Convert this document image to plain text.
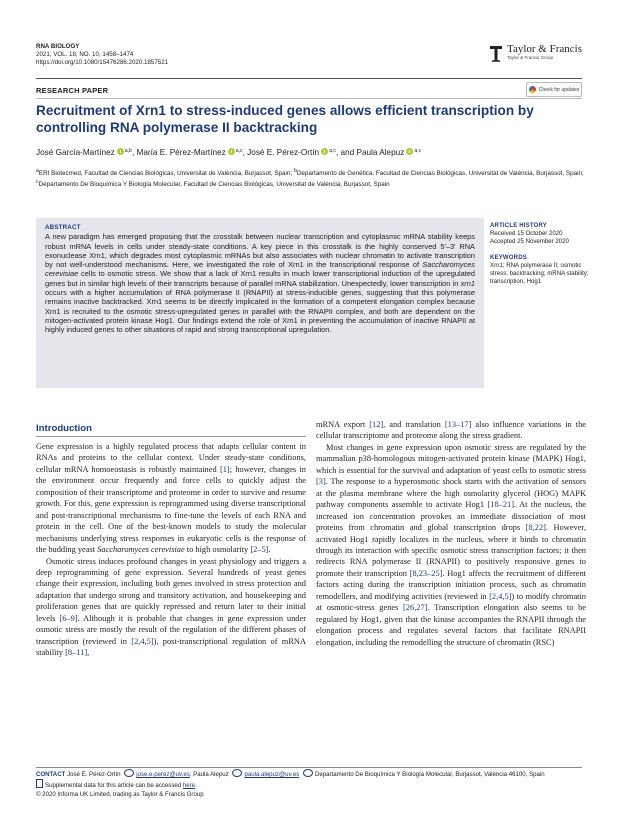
RNA BIOLOGY
2021, VOL. 18, NO. 10, 1458–1474
https://doi.org/10.1080/15476286.2020.1857521
Taylor & Francis
Taylor & Francis Group
RESEARCH PAPER	Check for updates
Recruitment of Xrn1 to stress-induced genes allows efficient transcription by controlling RNA polymerase II backtracking
José García-Martínez $^{a,b}$, María E. Pérez-Martínez $^{a,c}$, José E. Pérez-Ortín $^{a,c}$, and Paula Alepuz $^{a,c}$
$^a$ERI Biotecmed, Facultad de Ciencias Biológicas, Universitat de València, Burjassot, Spain; $^b$Departamento de Genética, Facultad de Ciencias Biológicas, Universitat de València, Burjassot, Spain; $^c$Departamento De Bioquímica Y Biología Molecular, Facultad de Ciencias Biológicas, Universitat de València, Burjassot, Spain
ABSTRACT
A new paradigm has emerged proposing that the crosstalk between nuclear transcription and cytoplasmic mRNA stability keeps robust mRNA levels in cells under steady-state conditions. A key piece in this crosstalk is the highly conserved 5′–3′ RNA exonuclease Xrn1, which degrades most cytoplasmic mRNAs but also associates with nuclear chromatin to activate transcription by not well-understood mechanisms. Here, we investigated the role of Xrn1 in the transcriptional response of Saccharomyces cerevisiae cells to osmotic stress. We show that a lack of Xrn1 results in much lower transcriptional induction of the upregulated genes but in similar high levels of their transcripts because of parallel mRNA stabilization. Unexpectedly, lower transcription in xrn1 occurs with a higher accumulation of RNA polymerase II (RNAPII) at stress-inducible genes, suggesting that this polymerase remains inactive backtracked. Xrn1 seems to be directly implicated in the formation of a competent elongation complex because Xrn1 is recruited to the osmotic stress-upregulated genes in parallel with the RNAPII complex, and both are dependent on the mitogen-activated protein kinase Hog1. Our findings extend the role of Xrn1 in preventing the accumulation of inactive RNAPII at highly induced genes to other situations of rapid and strong transcriptional upregulation.
ARTICLE HISTORY
Received 15 October 2020
Accepted 25 November 2020
KEYWORDS
Xrn1; RNA polymerase II; osmotic stress; backtracking; mRNA stability; transcription; Hog1
Introduction

Gene expression is a highly regulated process that adapts cellular content in RNAs and proteins to the cellular context. Under steady-state conditions, cellular mRNA homoeostasis is robustly maintained [1]; however, changes in the environment occur frequently and force cells to quickly adjust the composition of their transcriptome and proteome in order to survive and resume growth. For this, gene expression is reprogrammed using diverse transcriptional and post-transcriptional mechanisms to fine-tune the levels of each RNA and protein in the cell. One of the best-known models to study the molecular mechanisms underlying stress responses in eukaryotic cells is the response of the budding yeast Saccharomyces cerevisiae to high osmolarity [2–5].

Osmotic stress induces profound changes in yeast physiology and triggers a deep reprogramming of gene expression. Several hundreds of yeast genes change their expression, including both genes involved in stress protection and adaptation that undergo strong and transitory activation, and housekeeping and proliferation genes that are quickly repressed and return later to their initial levels [6–9]. Although it is probable that changes in gene expression under osmotic stress are mostly the result of the regulation of the different phases of transcription (reviewed in [2,4,5]), post-transcriptional regulation of mRNA stability [8–11],

mRNA export [12], and translation [13–17] also influence variations in the cellular transcriptome and proteome along the stress gradient.

Most changes in gene expression upon osmotic stress are regulated by the mammalian p38-homologous mitogen-activated protein kinase (MAPK) Hog1, which is essential for the survival and adaptation of yeast cells to osmotic stress [3]. The response to a hyperosmotic shock starts with the activation of sensors at the plasma membrane where the high osmolarity glycerol (HOG) MAPK pathway components assemble to activate Hog1 [18–21]. At the nucleus, the increased ion concentration provokes an immediate dissociation of most proteins from chromatin and global transcription drops [8,22]. However, activated Hog1 rapidly localizes in the nucleus, where it binds to chromatin through its interaction with specific osmotic stress transcription factors; it then redirects RNA polymerase II (RNAPII) to positively responsive genes to promote their transcription [8,23–25]. Hog1 affects the recruitment of different factors acting during the transcription initiation process, such as chromatin remodellers, and modifying activities (reviewed in [2,4,5]) to modify chromatin at osmotic-stress genes [26,27]. Transcription elongation also seems to be regulated by Hog1, given that the kinase accompanies the RNAPII through the elongation process and regulates several factors that facilitate RNAPII elongation, including the remodelling the structure of chromatin (RSC)

CONTACT José E. Pérez-Ortín	jose.e.perez@uv.es; Paula Alepuz	paula.alepuz@uv.es	Departamento De Bioquímica Y Biología Molecular, Burjassot, València 46100, Spain
Supplemental data for this article can be accessed here.
© 2020 Informa UK Limited, trading as Taylor & Francis Group
